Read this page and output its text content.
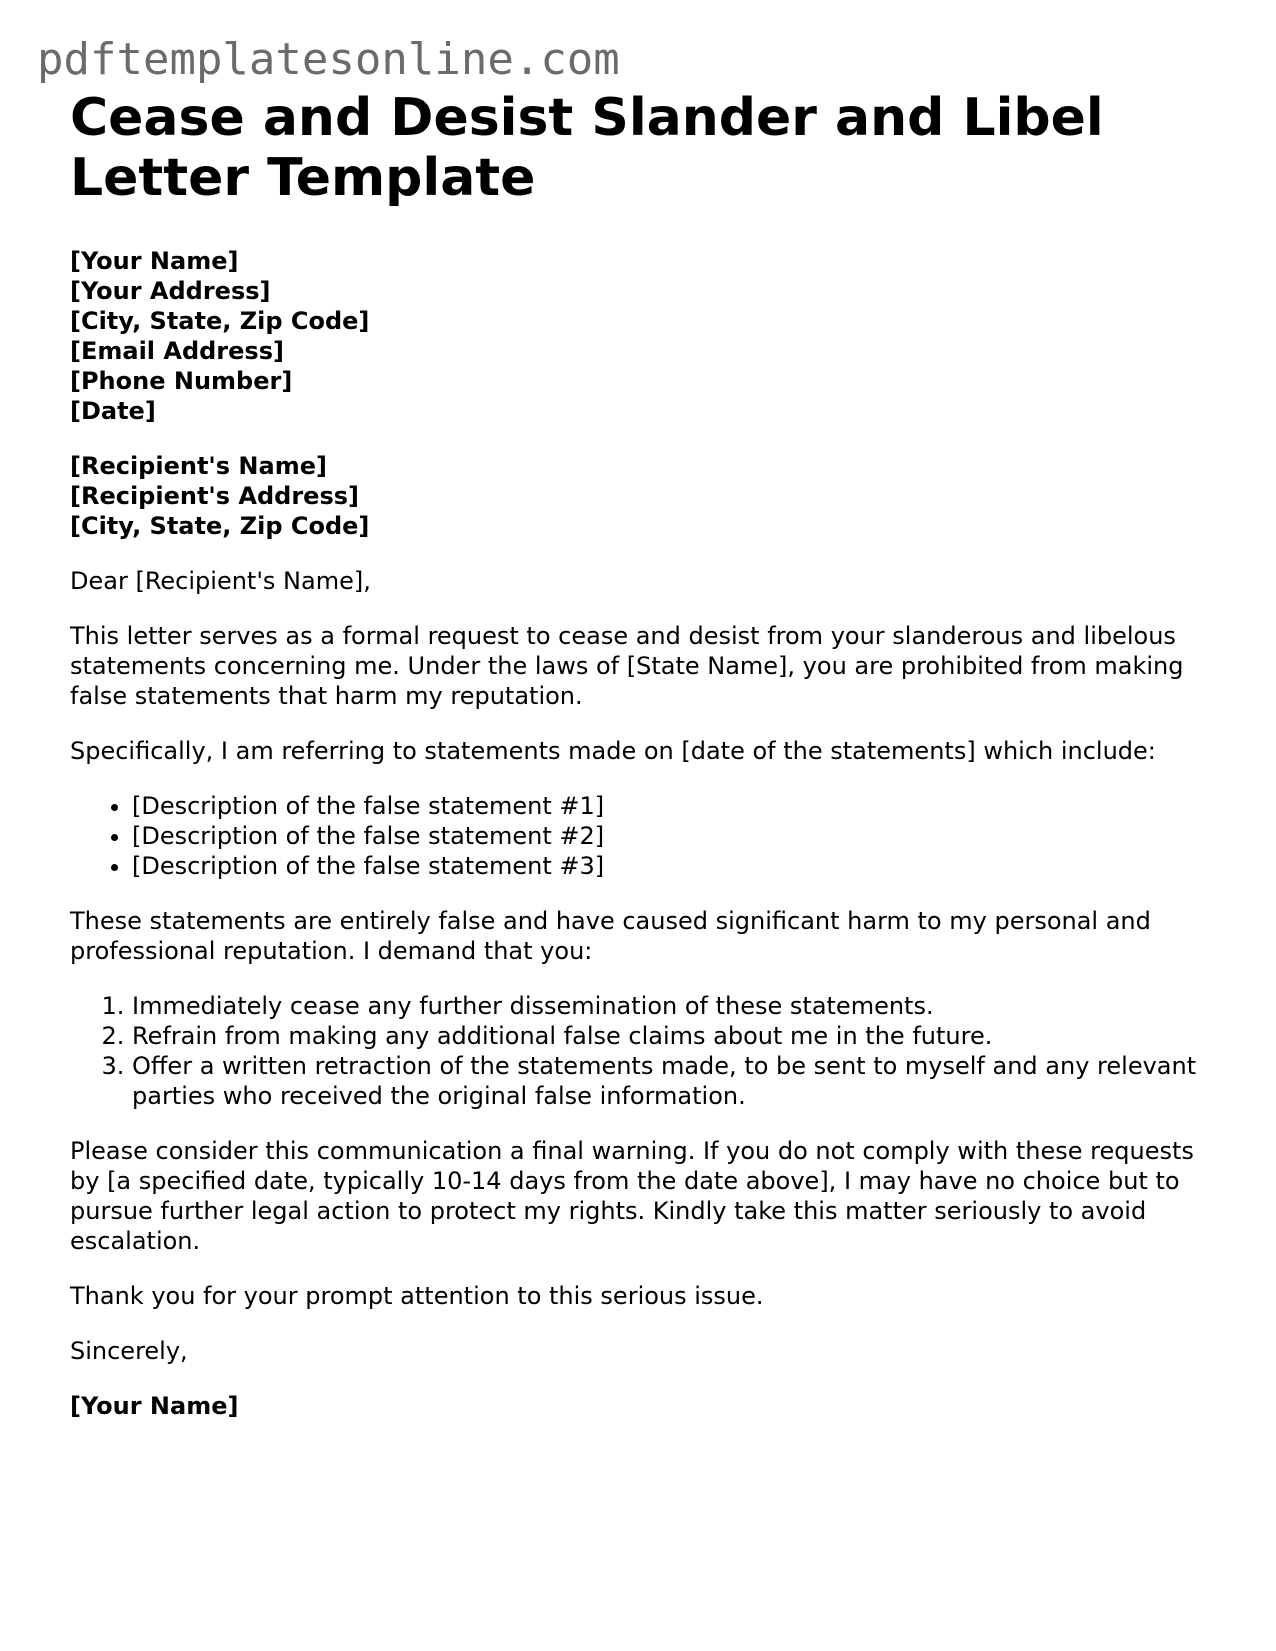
pdftemplatesonline.com
Cease and Desist Slander and Libel Letter Template
[Your Name]
[Your Address]
[City, State, Zip Code]
[Email Address]
[Phone Number]
[Date]
[Recipient's Name]
[Recipient's Address]
[City, State, Zip Code]

Dear [Recipient's Name],

This letter serves as a formal request to cease and desist from your slanderous and libelous statements concerning me. Under the laws of [State Name], you are prohibited from making false statements that harm my reputation.

Specifically, I am referring to statements made on [date of the statements] which include:

• [Description of the false statement #1]
• [Description of the false statement #2]
• [Description of the false statement #3]

These statements are entirely false and have caused significant harm to my personal and professional reputation. I demand that you:

1. Immediately cease any further dissemination of these statements.
2. Refrain from making any additional false claims about me in the future.
3. Offer a written retraction of the statements made, to be sent to myself and any relevant parties who received the original false information.

Please consider this communication a final warning. If you do not comply with these requests by [a specified date, typically 10-14 days from the date above], I may have no choice but to pursue further legal action to protect my rights. Kindly take this matter seriously to avoid escalation.

Thank you for your prompt attention to this serious issue.

Sincerely,

[Your Name]
